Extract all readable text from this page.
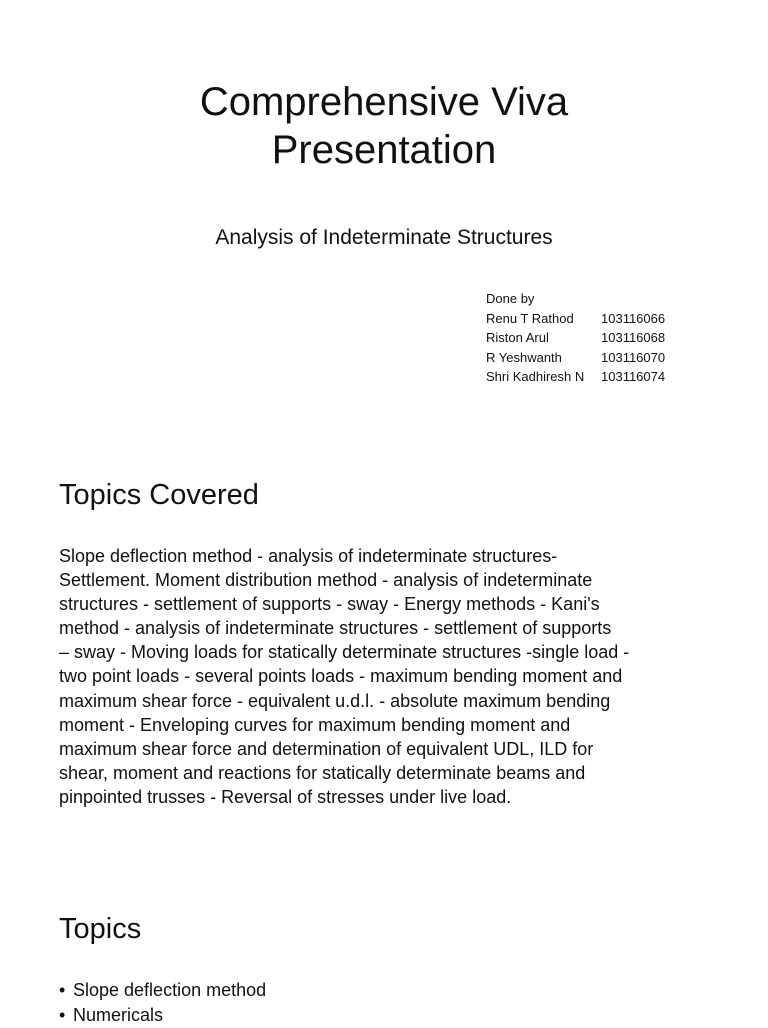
Comprehensive Viva
Presentation

Analysis of Indeterminate Structures

Done by
Renu T Rathod	103116066
Riston Arul	103116068
R Yeshwanth	103116070
Shri Kadhiresh N	103116074
Topics Covered

Slope deflection method - analysis of indeterminate structures-
Settlement. Moment distribution method - analysis of indeterminate
structures - settlement of supports - sway - Energy methods - Kani's
method - analysis of indeterminate structures - settlement of supports
– sway - Moving loads for statically determinate structures -single load -
two point loads - several points loads - maximum bending moment and
maximum shear force - equivalent u.d.l. - absolute maximum bending
moment - Enveloping curves for maximum bending moment and
maximum shear force and determination of equivalent UDL, ILD for
shear, moment and reactions for statically determinate beams and
pinpointed trusses - Reversal of stresses under live load.

Topics
• Slope deflection method
• Numericals
